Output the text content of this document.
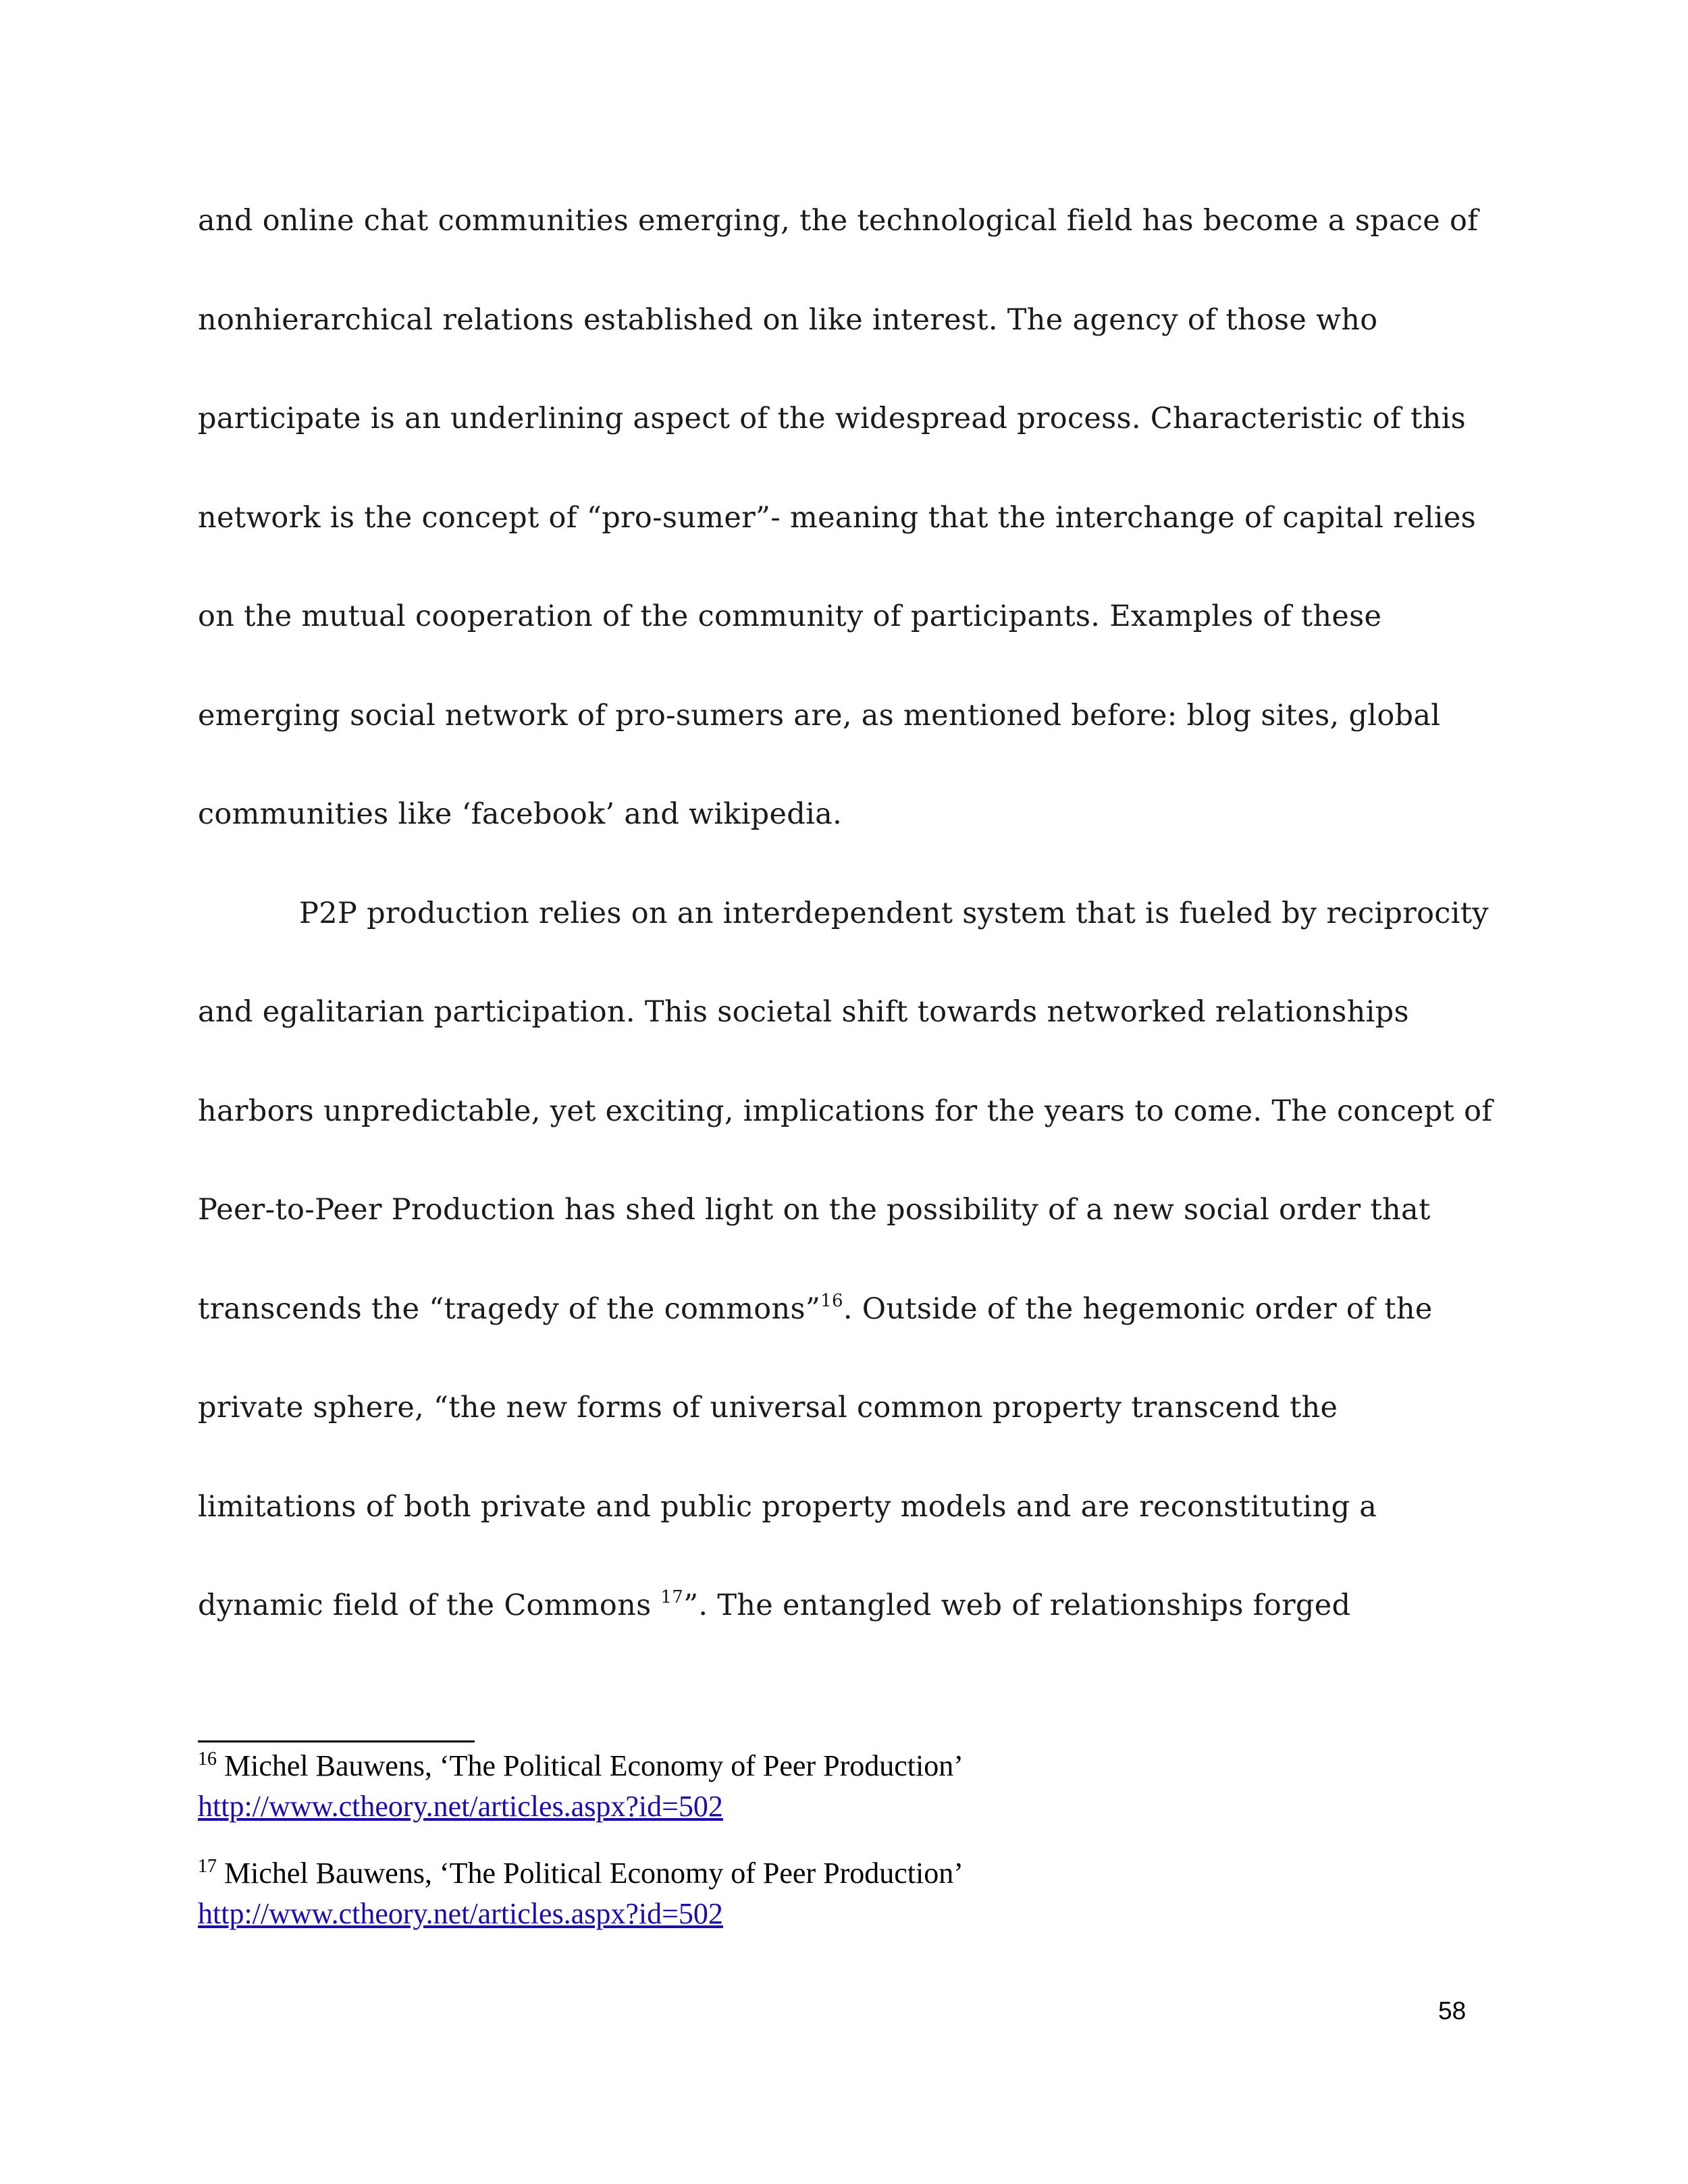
and online chat communities emerging, the technological field has become a space of
nonhierarchical relations established on like interest. The agency of those who
participate is an underlining aspect of the widespread process. Characteristic of this
network is the concept of “pro-sumer”- meaning that the interchange of capital relies
on the mutual cooperation of the community of participants. Examples of these
emerging social network of pro-sumers are, as mentioned before: blog sites, global
communities like ‘facebook’ and wikipedia.
P2P production relies on an interdependent system that is fueled by reciprocity
and egalitarian participation. This societal shift towards networked relationships
harbors unpredictable, yet exciting, implications for the years to come. The concept of
Peer-to-Peer Production has shed light on the possibility of a new social order that
transcends the “tragedy of the commons”$^{16}$. Outside of the hegemonic order of the
private sphere, “the new forms of universal common property transcend the
limitations of both private and public property models and are reconstituting a
dynamic field of the Commons $^{17}$”. The entangled web of relationships forged
$^{16}$ Michel Bauwens, ‘The Political Economy of Peer Production’
http://www.ctheory.net/articles.aspx?id=502
$^{17}$ Michel Bauwens, ‘The Political Economy of Peer Production’
http://www.ctheory.net/articles.aspx?id=502
58
